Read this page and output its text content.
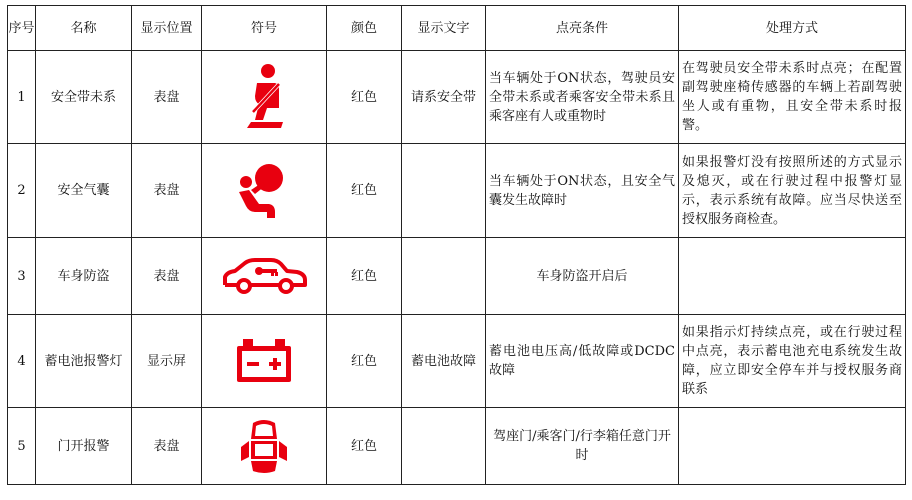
序号	名称	显示位置	符号	颜色	显示文字	点亮条件	处理方式
1	安全带未系	表盘		红色	请系安全带	当车辆处于ON状态，驾驶员安全带未系或者乘客安全带未系且乘客座有人或重物时	在驾驶员安全带未系时点亮；在配置副驾驶座椅传感器的车辆上若副驾驶坐人或有重物，且安全带未系时报警。
2	安全气囊	表盘		红色		当车辆处于ON状态，且安全气囊发生故障时	如果报警灯没有按照所述的方式显示及熄灭，或在行驶过程中报警灯显示，表示系统有故障。应当尽快送至授权服务商检查。
3	车身防盗	表盘		红色		车身防盗开启后	
4	蓄电池报警灯	显示屏		红色	蓄电池故障	蓄电池电压高/低故障或DCDC故障	如果指示灯持续点亮，或在行驶过程中点亮，表示蓄电池充电系统发生故障，应立即安全停车并与授权服务商联系
5	门开报警	表盘		红色		驾座门/乘客门/行李箱任意门开时	
